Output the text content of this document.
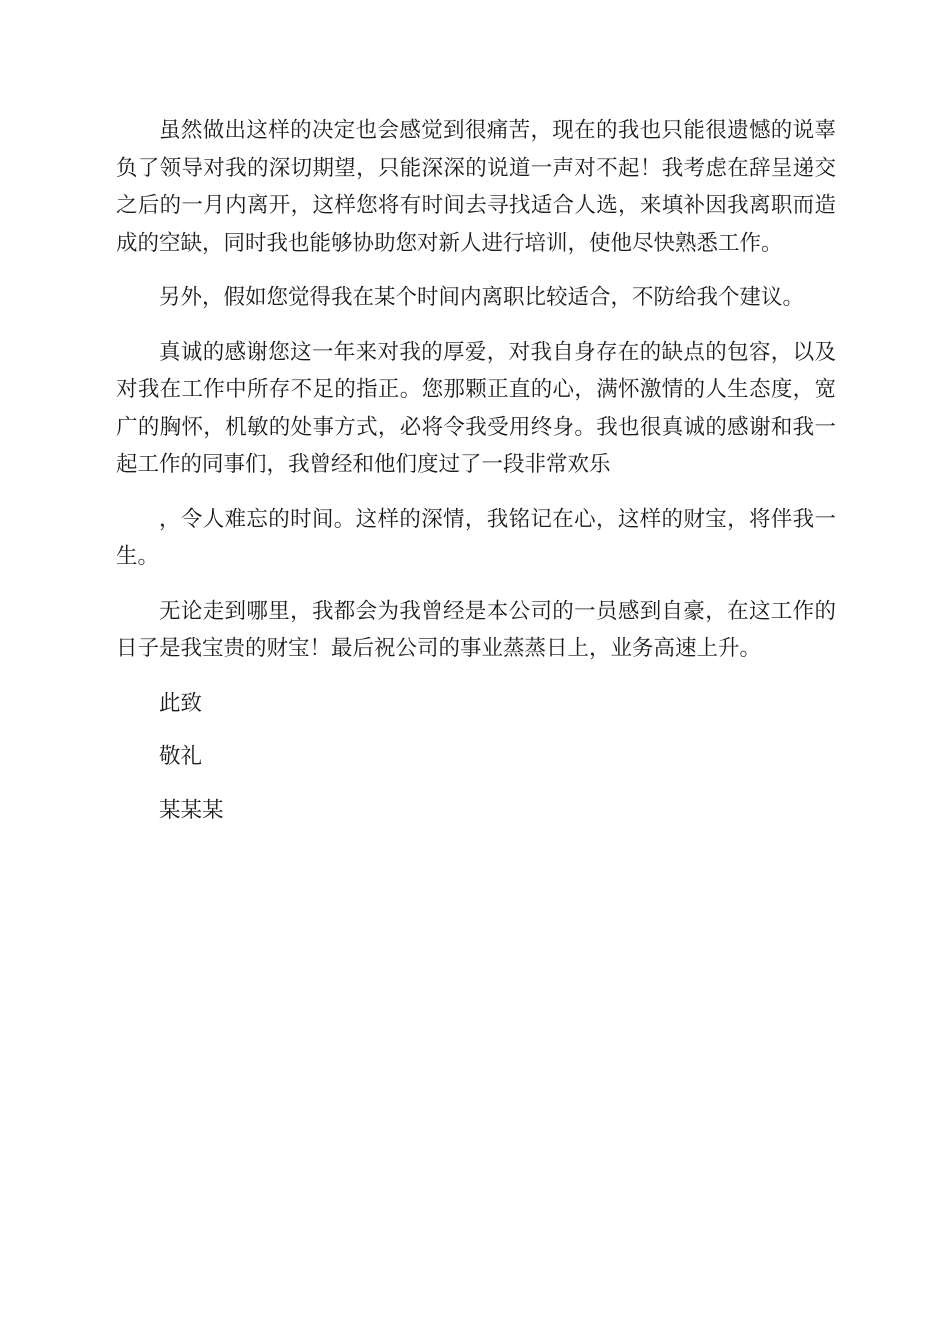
虽然做出这样的决定也会感觉到很痛苦，现在的我也只能很遗憾的说辜负了领导对我的深切期望，只能深深的说道一声对不起！我考虑在辞呈递交之后的一月内离开，这样您将有时间去寻找适合人选，来填补因我离职而造成的空缺，同时我也能够协助您对新人进行培训，使他尽快熟悉工作。

另外，假如您觉得我在某个时间内离职比较适合，不防给我个建议。

真诚的感谢您这一年来对我的厚爱，对我自身存在的缺点的包容，以及对我在工作中所存不足的指正。您那颗正直的心，满怀激情的人生态度，宽广的胸怀，机敏的处事方式，必将令我受用终身。我也很真诚的感谢和我一起工作的同事们，我曾经和他们度过了一段非常欢乐

，令人难忘的时间。这样的深情，我铭记在心，这样的财宝，将伴我一生。

无论走到哪里，我都会为我曾经是本公司的一员感到自豪，在这工作的日子是我宝贵的财宝！最后祝公司的事业蒸蒸日上，业务高速上升。

此致

敬礼

某某某
